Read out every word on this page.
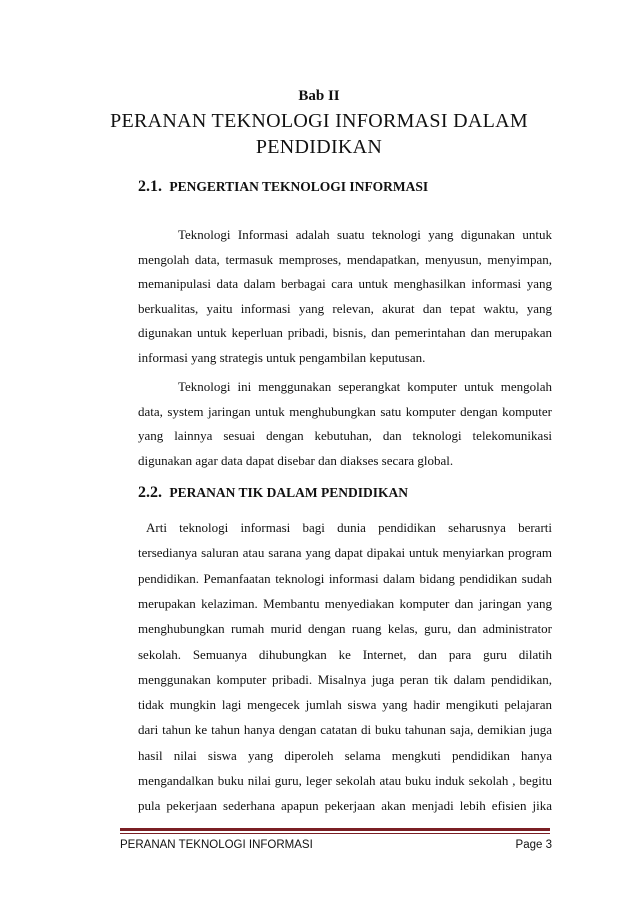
Bab II
PERANAN TEKNOLOGI INFORMASI DALAM
PENDIDIKAN
2.1. PENGERTIAN TEKNOLOGI INFORMASI
Teknologi Informasi adalah suatu teknologi yang digunakan untuk
mengolah data, termasuk memproses, mendapatkan, menyusun, menyimpan,
memanipulasi data dalam berbagai cara untuk menghasilkan informasi yang
berkualitas, yaitu informasi yang relevan, akurat dan tepat waktu, yang
digunakan untuk keperluan pribadi, bisnis, dan pemerintahan dan merupakan
informasi yang strategis untuk pengambilan keputusan.
Teknologi ini menggunakan seperangkat komputer untuk mengolah
data, system jaringan untuk menghubungkan satu komputer dengan komputer
yang lainnya sesuai dengan kebutuhan, dan teknologi telekomunikasi
digunakan agar data dapat disebar dan diakses secara global.
2.2. PERANAN TIK DALAM PENDIDIKAN
Arti teknologi informasi bagi dunia pendidikan seharusnya berarti
tersedianya saluran atau sarana yang dapat dipakai untuk menyiarkan program
pendidikan. Pemanfaatan teknologi informasi dalam bidang pendidikan sudah
merupakan kelaziman. Membantu menyediakan komputer dan jaringan yang
menghubungkan rumah murid dengan ruang kelas, guru, dan administrator
sekolah. Semuanya dihubungkan ke Internet, dan para guru dilatih
menggunakan komputer pribadi. Misalnya juga peran tik dalam pendidikan,
tidak mungkin lagi mengecek jumlah siswa yang hadir mengikuti pelajaran
dari tahun ke tahun hanya dengan catatan di buku tahunan saja, demikian juga
hasil nilai siswa yang diperoleh selama mengkuti pendidikan hanya
mengandalkan buku nilai guru, leger sekolah atau buku induk sekolah , begitu
pula pekerjaan sederhana apapun pekerjaan akan menjadi lebih efisien jika
PERANAN TEKNOLOGI INFORMASI	Page 3
